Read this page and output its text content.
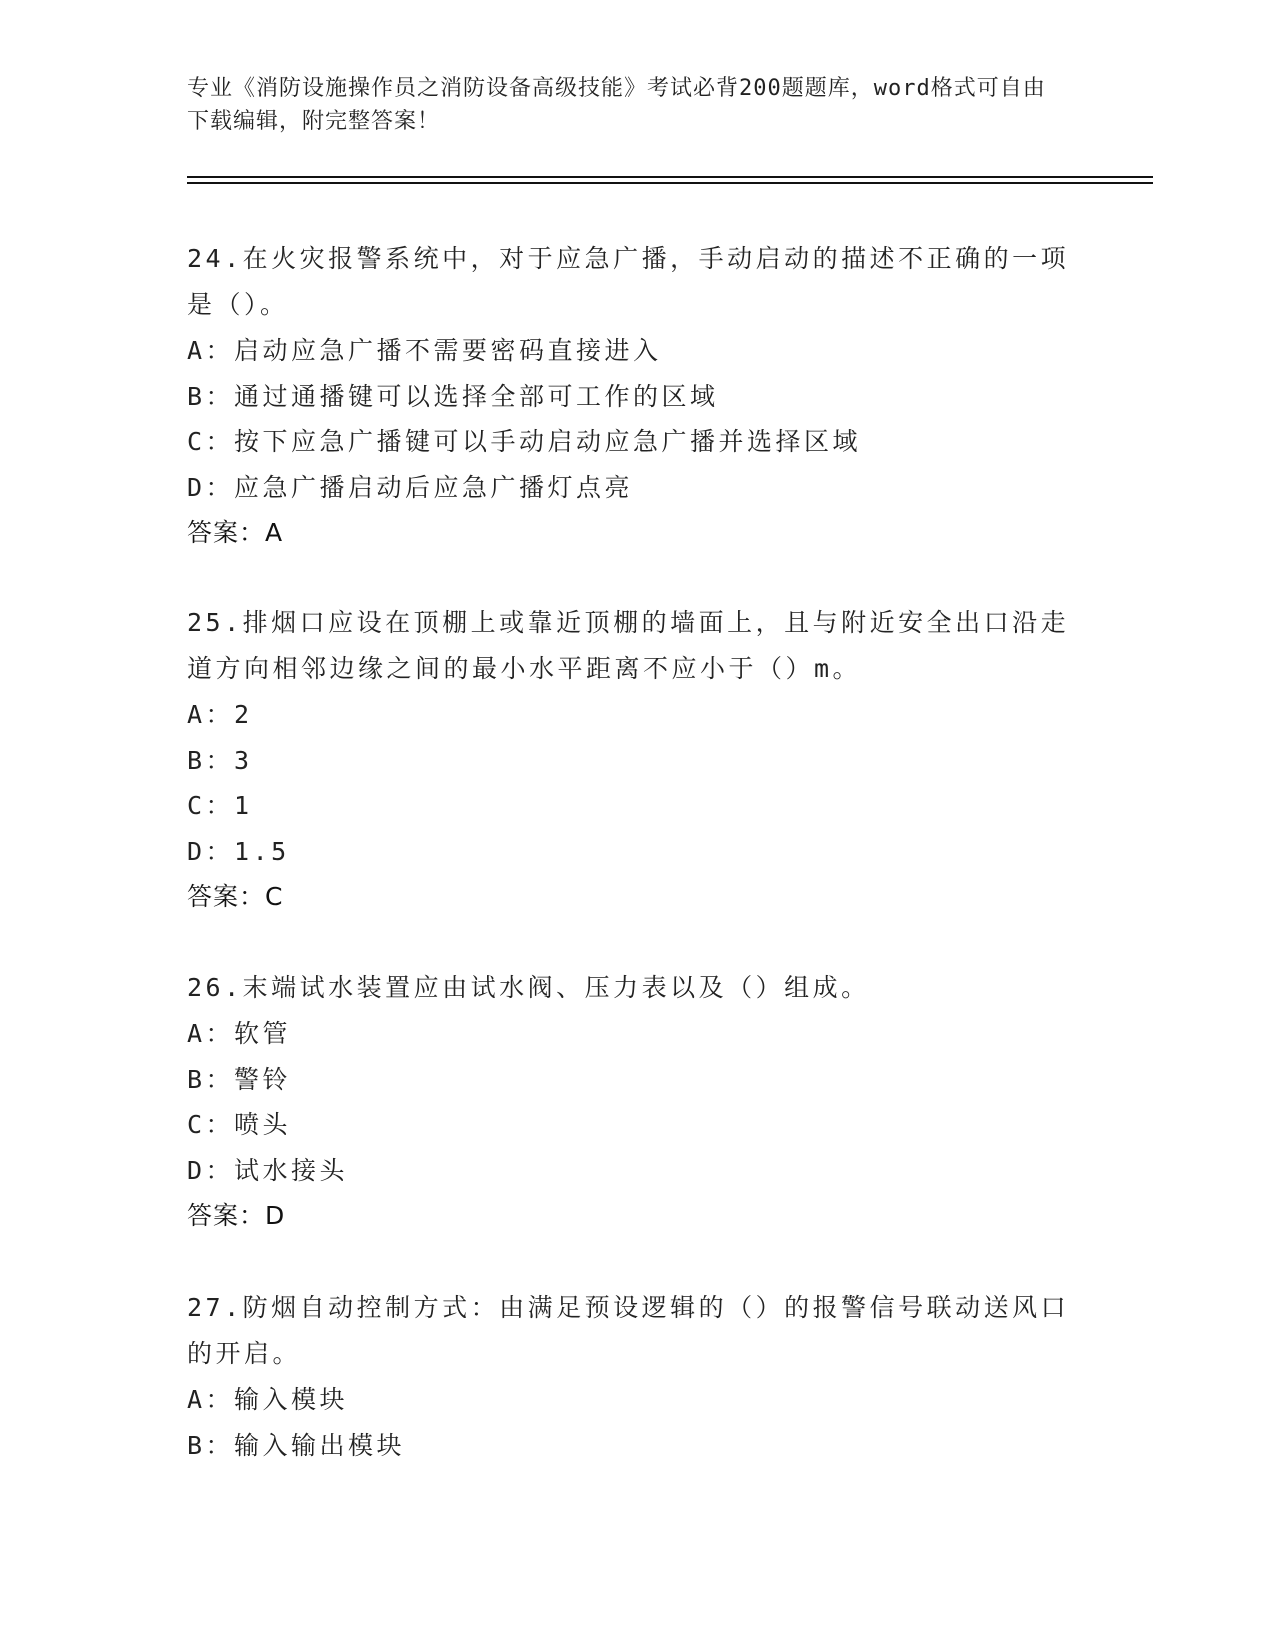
专业《消防设施操作员之消防设备高级技能》考试必背200题题库，word格式可自由下载编辑，附完整答案！

24.在火灾报警系统中，对于应急广播，手动启动的描述不正确的一项是（）。

A：启动应急广播不需要密码直接进入

B：通过通播键可以选择全部可工作的区域

C：按下应急广播键可以手动启动应急广播并选择区域

D：应急广播启动后应急广播灯点亮

答案：A

25.排烟口应设在顶棚上或靠近顶棚的墙面上，且与附近安全出口沿走道方向相邻边缘之间的最小水平距离不应小于（）m。

A：2

B：3

C：1

D：1.5

答案：C

26.末端试水装置应由试水阀、压力表以及（）组成。

A：软管

B：警铃

C：喷头

D：试水接头

答案：D

27.防烟自动控制方式：由满足预设逻辑的（）的报警信号联动送风口的开启。

A：输入模块

B：输入输出模块
